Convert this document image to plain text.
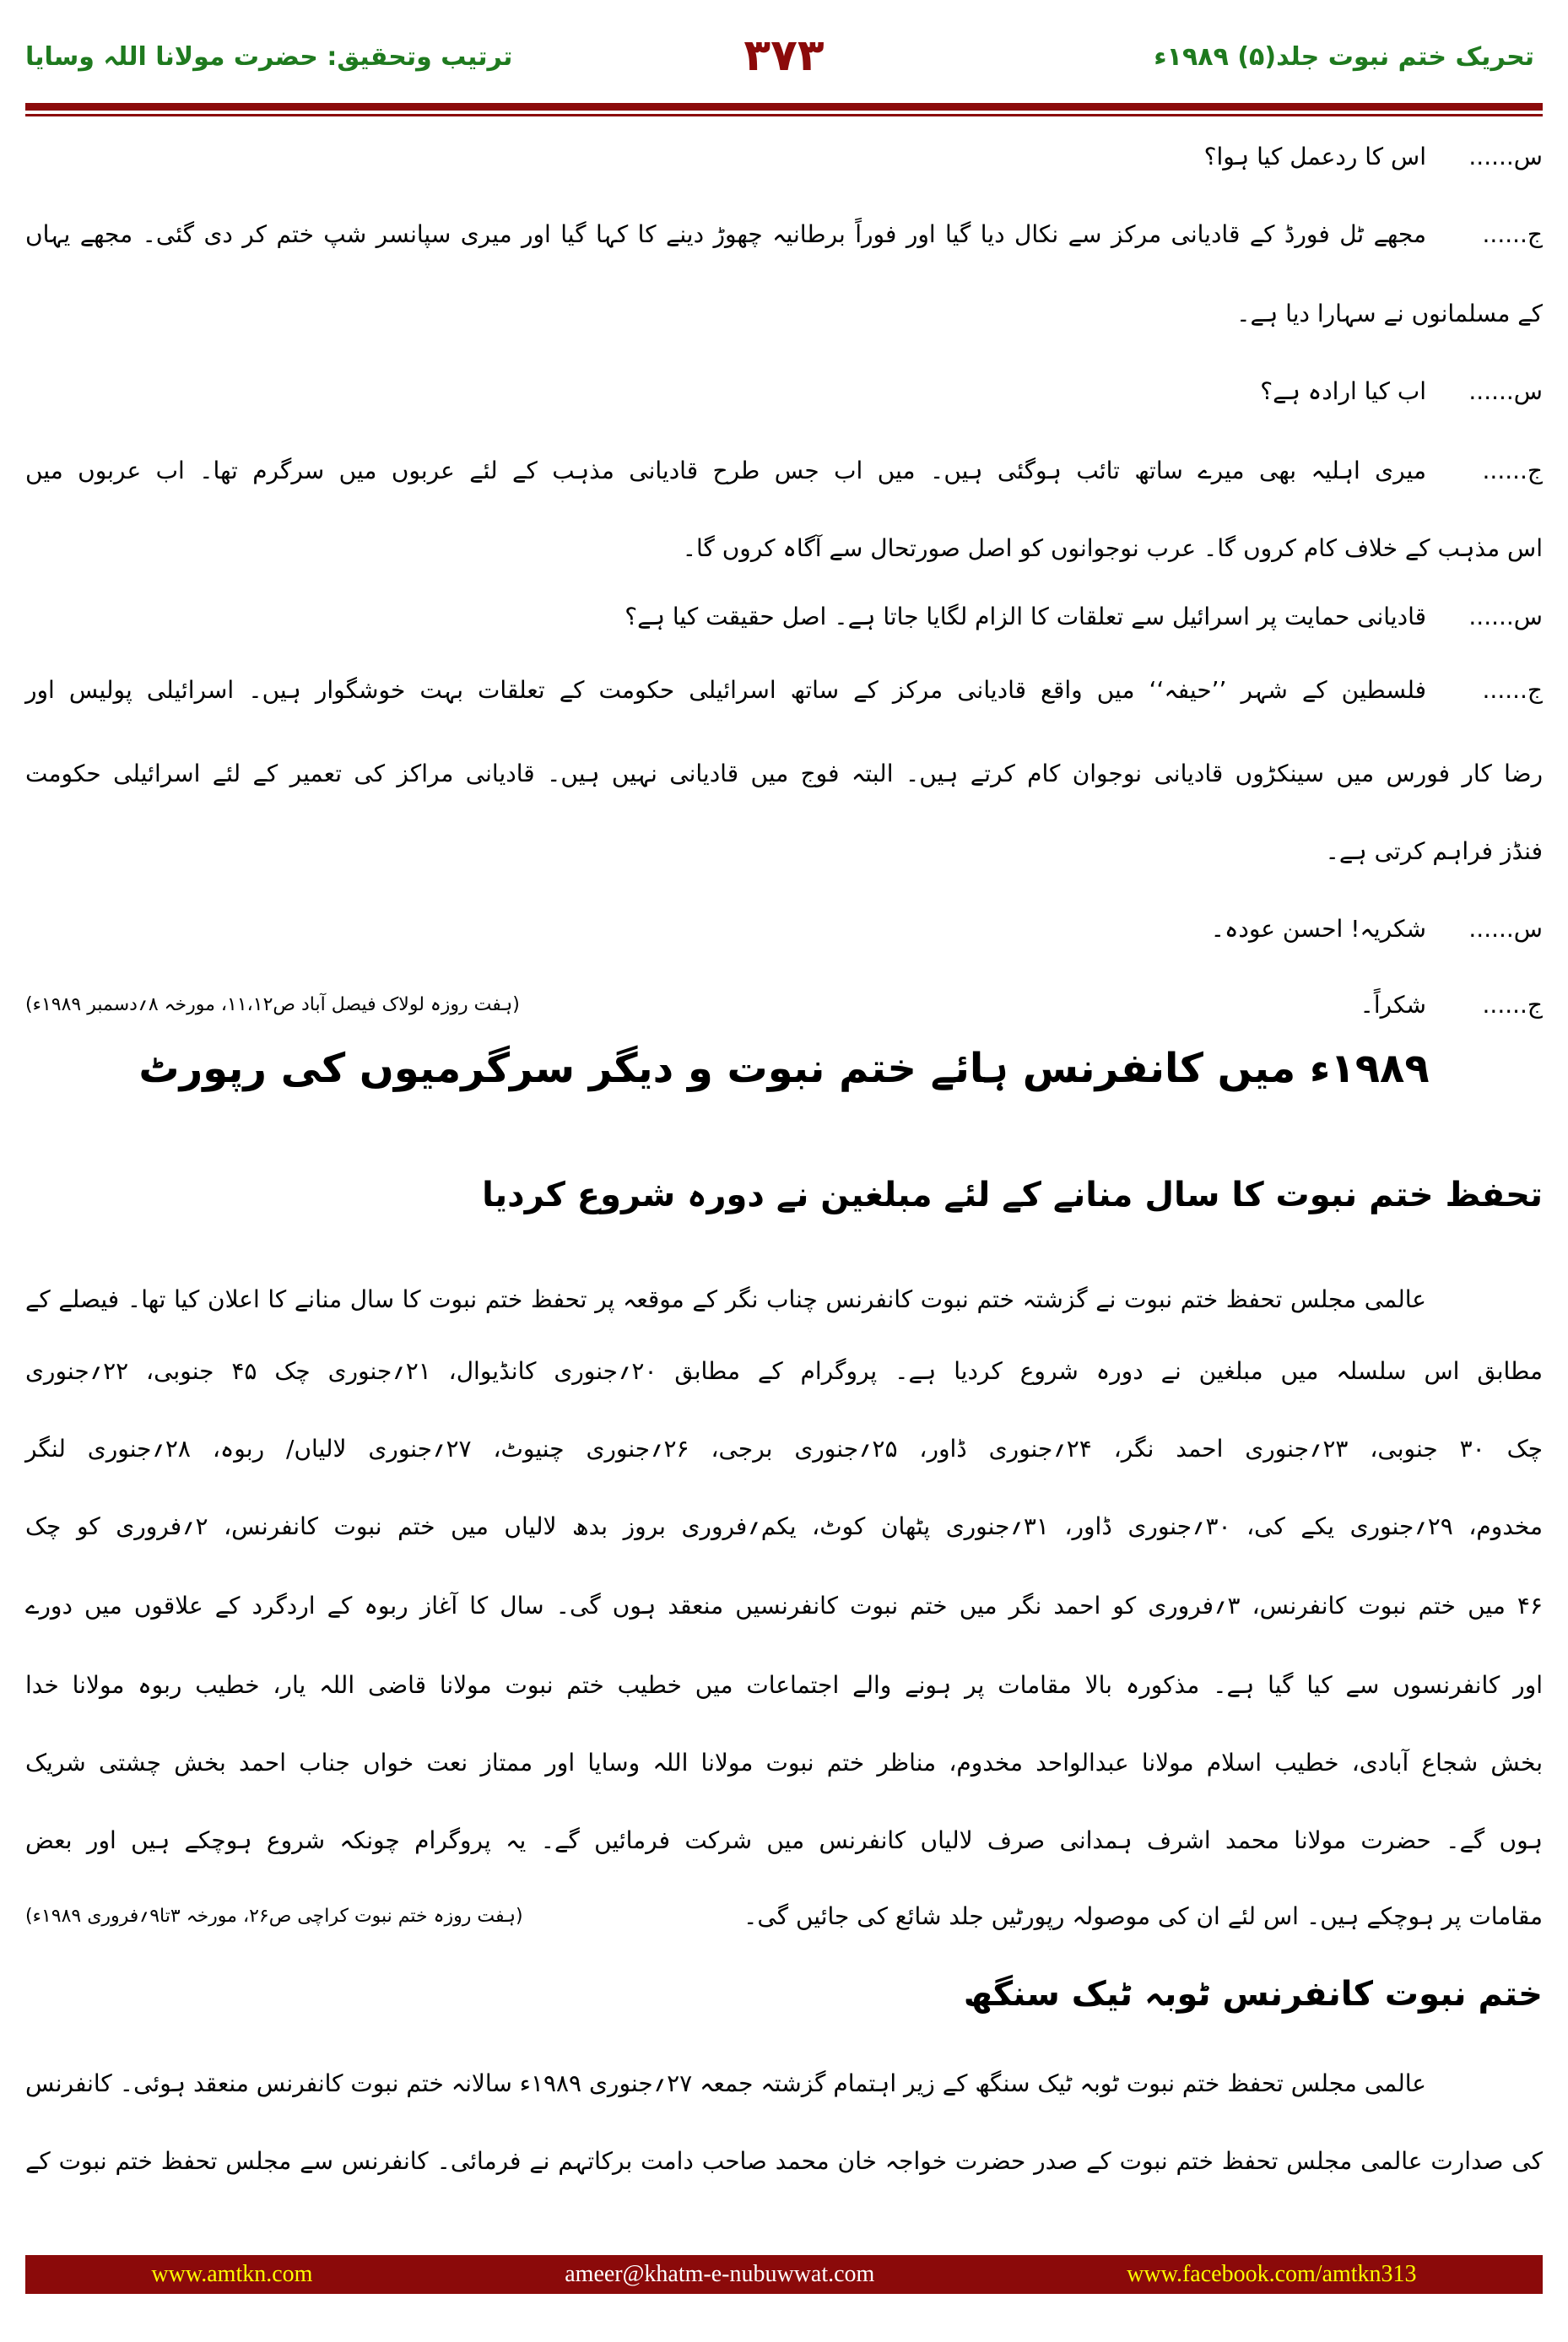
تحریک ختم نبوت جلد(۵) ۱۹۸۹ء
۳۷۳
ترتیب وتحقیق: حضرت مولانا اللہ وسایا
س......
اس کا ردعمل کیا ہوا؟
ج......
مجھے ٹل فورڈ کے قادیانی مرکز سے نکال دیا گیا اور فوراً برطانیہ چھوڑ دینے کا کہا گیا اور میری سپانسر شپ ختم کر دی گئی۔ مجھے یہاں
کے مسلمانوں نے سہارا دیا ہے۔
س......
اب کیا ارادہ ہے؟
ج......
میری اہلیہ بھی میرے ساتھ تائب ہوگئی ہیں۔ میں اب جس طرح قادیانی مذہب کے لئے عربوں میں سرگرم تھا۔ اب عربوں میں
اس مذہب کے خلاف کام کروں گا۔ عرب نوجوانوں کو اصل صورتحال سے آگاہ کروں گا۔
س......
قادیانی حمایت پر اسرائیل سے تعلقات کا الزام لگایا جاتا ہے۔ اصل حقیقت کیا ہے؟
ج......
فلسطین کے شہر ’’حیفہ‘‘ میں واقع قادیانی مرکز کے ساتھ اسرائیلی حکومت کے تعلقات بہت خوشگوار ہیں۔ اسرائیلی پولیس اور
رضا کار فورس میں سینکڑوں قادیانی نوجوان کام کرتے ہیں۔ البتہ فوج میں قادیانی نہیں ہیں۔ قادیانی مراکز کی تعمیر کے لئے اسرائیلی حکومت
فنڈز فراہم کرتی ہے۔
س......
شکریہ! احسن عودہ۔
ج......
شکراً۔
(ہفت روزہ لولاک فیصل آباد ص۱۱،۱۲، مورخہ ۸؍دسمبر ۱۹۸۹ء)
۱۹۸۹ء میں کانفرنس ہائے ختم نبوت و دیگر سرگرمیوں کی رپورٹ
تحفظ ختم نبوت کا سال منانے کے لئے مبلغین نے دورہ شروع کردیا
عالمی مجلس تحفظ ختم نبوت نے گزشتہ ختم نبوت کانفرنس چناب نگر کے موقعہ پر تحفظ ختم نبوت کا سال منانے کا اعلان کیا تھا۔ فیصلے کے
مطابق اس سلسلہ میں مبلغین نے دورہ شروع کردیا ہے۔ پروگرام کے مطابق ۲۰؍جنوری کانڈیوال، ۲۱؍جنوری چک ۴۵ جنوبی، ۲۲؍جنوری
چک ۳۰ جنوبی، ۲۳؍جنوری احمد نگر، ۲۴؍جنوری ڈاور، ۲۵؍جنوری برجی، ۲۶؍جنوری چنیوٹ، ۲۷؍جنوری لالیاں/ ربوہ، ۲۸؍جنوری لنگر
مخدوم، ۲۹؍جنوری یکے کی، ۳۰؍جنوری ڈاور، ۳۱؍جنوری پٹھان کوٹ، یکم؍فروری بروز بدھ لالیاں میں ختم نبوت کانفرنس، ۲؍فروری کو چک
۴۶ میں ختم نبوت کانفرنس، ۳؍فروری کو احمد نگر میں ختم نبوت کانفرنسیں منعقد ہوں گی۔ سال کا آغاز ربوہ کے اردگرد کے علاقوں میں دورے
اور کانفرنسوں سے کیا گیا ہے۔ مذکورہ بالا مقامات پر ہونے والے اجتماعات میں خطیب ختم نبوت مولانا قاضی اللہ یار، خطیب ربوہ مولانا خدا
بخش شجاع آبادی، خطیب اسلام مولانا عبدالواحد مخدوم، مناظر ختم نبوت مولانا اللہ وسایا اور ممتاز نعت خواں جناب احمد بخش چشتی شریک
ہوں گے۔ حضرت مولانا محمد اشرف ہمدانی صرف لالیاں کانفرنس میں شرکت فرمائیں گے۔ یہ پروگرام چونکہ شروع ہوچکے ہیں اور بعض
مقامات پر ہوچکے ہیں۔ اس لئے ان کی موصولہ رپورٹیں جلد شائع کی جائیں گی۔
(ہفت روزہ ختم نبوت کراچی ص۲۶، مورخہ ۳تا۹؍فروری ۱۹۸۹ء)
ختم نبوت کانفرنس ٹوبہ ٹیک سنگھ
عالمی مجلس تحفظ ختم نبوت ٹوبہ ٹیک سنگھ کے زیر اہتمام گزشتہ جمعہ ۲۷؍جنوری ۱۹۸۹ء سالانہ ختم نبوت کانفرنس منعقد ہوئی۔ کانفرنس
کی صدارت عالمی مجلس تحفظ ختم نبوت کے صدر حضرت خواجہ خان محمد صاحب دامت برکاتہم نے فرمائی۔ کانفرنس سے مجلس تحفظ ختم نبوت کے
www.amtkn.com	ameer@khatm-e-nubuwwat.com	www.facebook.com/amtkn313
